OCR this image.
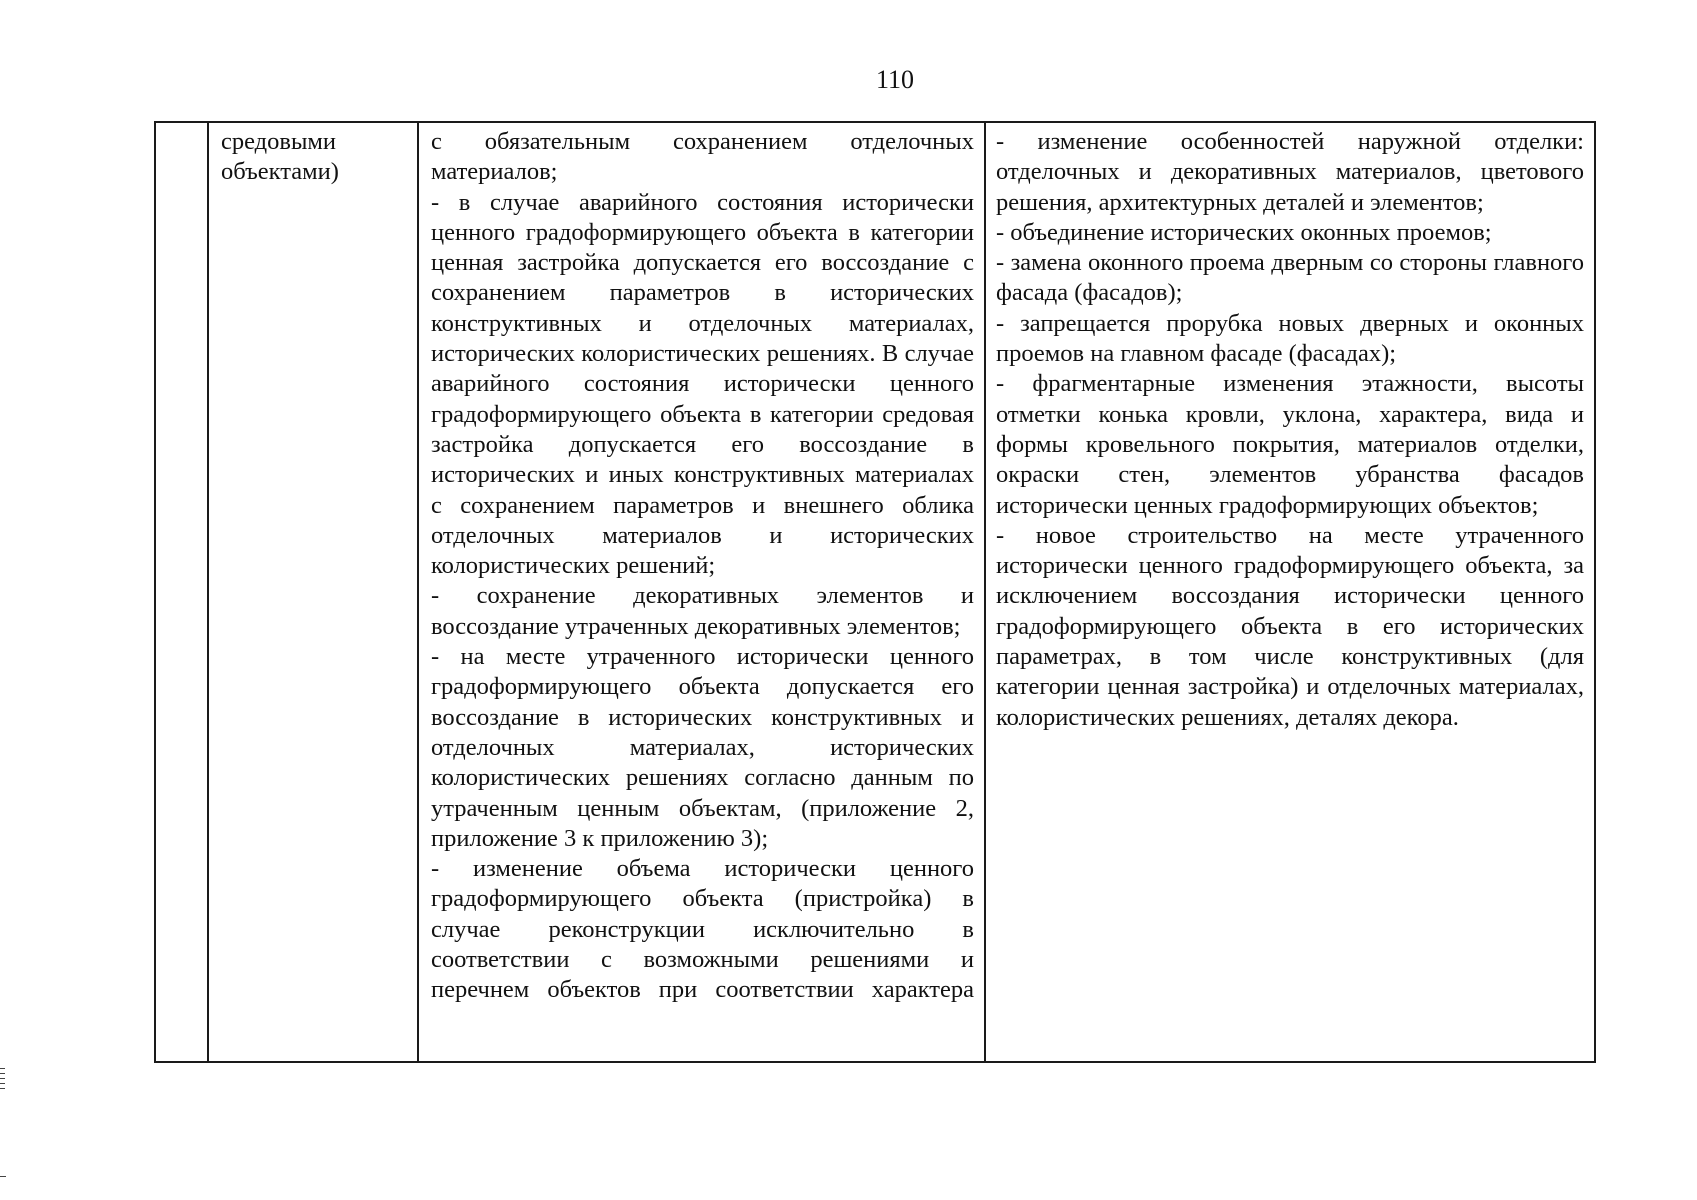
110
средовыми
объектами)

с обязательным сохранением отделочных материалов;

- в случае аварийного состояния исторически ценного градоформирующего объекта в категории ценная застройка допускается его воссоздание с сохранением параметров в исторических конструктивных и отделочных материалах, исторических колористических решениях. В случае аварийного состояния исторически ценного градоформирующего объекта в категории средовая застройка допускается его воссоздание в исторических и иных конструктивных материалах с сохранением параметров и внешнего облика отделочных материалов и исторических колористических решений;

- сохранение декоративных элементов и воссоздание утраченных декоративных элементов;

- на месте утраченного исторически ценного градоформирующего объекта допускается его воссоздание в исторических конструктивных и отделочных материалах, исторических колористических решениях согласно данным по утраченным ценным объектам, (приложение 2, приложение 3 к приложению 3);

- изменение объема исторически ценного градоформирующего объекта (пристройка) в случае реконструкции исключительно в соответствии с возможными решениями и

перечнем объектов при соответствии характера

- изменение особенностей наружной отделки: отделочных и декоративных материалов, цветового решения, архитектурных деталей и элементов;

- объединение исторических оконных проемов;

- замена оконного проема дверным со стороны главного фасада (фасадов);

- запрещается прорубка новых дверных и оконных проемов на главном фасаде (фасадах);

- фрагментарные изменения этажности, высоты отметки конька кровли, уклона, характера, вида и формы кровельного покрытия, материалов отделки, окраски стен, элементов убранства фасадов исторически ценных градоформирующих объектов;

- новое строительство на месте утраченного исторически ценного градоформирующего объекта, за исключением воссоздания исторически ценного градоформирующего объекта в его исторических параметрах, в том числе конструктивных (для категории ценная застройка) и отделочных материалах, колористических решениях, деталях декора.
